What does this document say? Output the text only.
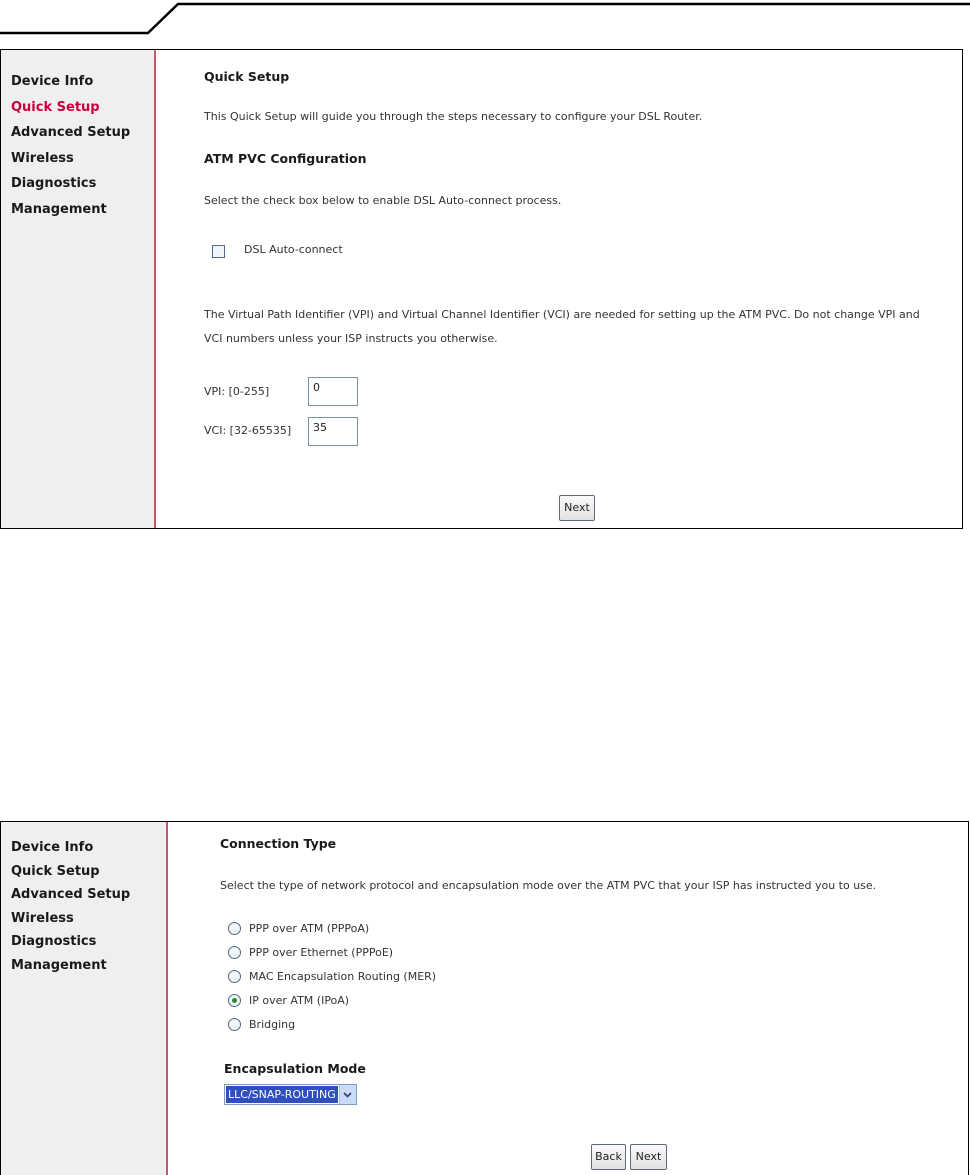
Device Info
Quick Setup
Advanced Setup
Wireless
Diagnostics
Management
Quick Setup
This Quick Setup will guide you through the steps necessary to configure your DSL Router.
ATM PVC Configuration
Select the check box below to enable DSL Auto-connect process.
DSL Auto-connect
The Virtual Path Identifier (VPI) and Virtual Channel Identifier (VCI) are needed for setting up the ATM PVC. Do not change VPI and
VCI numbers unless your ISP instructs you otherwise.
VPI: [0-255]	0
VCI: [32-65535]	35
Next
Device Info
Quick Setup
Advanced Setup
Wireless
Diagnostics
Management
Connection Type
Select the type of network protocol and encapsulation mode over the ATM PVC that your ISP has instructed you to use.
PPP over ATM (PPPoA)
PPP over Ethernet (PPPoE)
MAC Encapsulation Routing (MER)
IP over ATM (IPoA)
Bridging
Encapsulation Mode
LLC/SNAP-ROUTING
Back	Next
